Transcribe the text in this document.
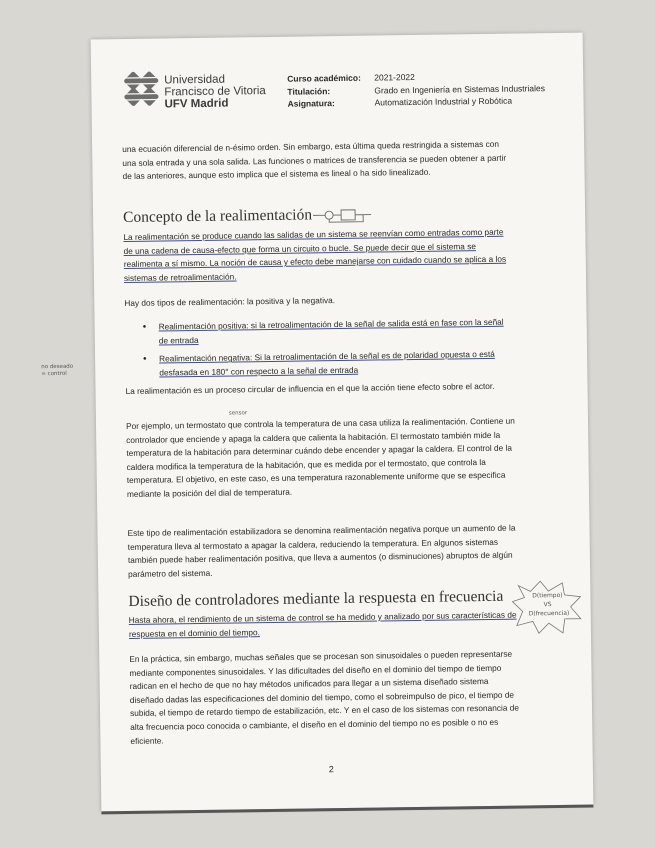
Universidad
Francisco de Vitoria
UFV Madrid
Curso académico:
Titulación:
Asignatura:
2021-2022
Grado en Ingeniería en Sistemas Industriales
Automatización Industrial y Robótica
una ecuación diferencial de n-ésimo orden. Sin embargo, esta última queda restringida a sistemas con una sola entrada y una sola salida. Las funciones o matrices de transferencia se pueden obtener a partir de las anteriores, aunque esto implica que el sistema es lineal o ha sido linealizado.
Concepto de la realimentación
La realimentación se produce cuando las salidas de un sistema se reenvían como entradas como parte de una cadena de causa-efecto que forma un circuito o bucle. Se puede decir que el sistema se realimenta a sí mismo. La noción de causa y efecto debe manejarse con cuidado cuando se aplica a los sistemas de retroalimentación.
Hay dos tipos de realimentación: la positiva y la negativa.
• Realimentación positiva: si la retroalimentación de la señal de salida está en fase con la señal de entrada
• Realimentación negativa: Si la retroalimentación de la señal es de polaridad opuesta o está desfasada en 180° con respecto a la señal de entrada
no deseado
= control
La realimentación es un proceso circular de influencia en el que la acción tiene efecto sobre el actor.
sensor
Por ejemplo, un termostato que controla la temperatura de una casa utiliza la realimentación. Contiene un controlador que enciende y apaga la caldera que calienta la habitación. El termostato también mide la temperatura de la habitación para determinar cuándo debe encender y apagar la caldera. El control de la caldera modifica la temperatura de la habitación, que es medida por el termostato, que controla la temperatura. El objetivo, en este caso, es una temperatura razonablemente uniforme que se especifica mediante la posición del dial de temperatura.
Este tipo de realimentación estabilizadora se denomina realimentación negativa porque un aumento de la temperatura lleva al termostato a apagar la caldera, reduciendo la temperatura. En algunos sistemas también puede haber realimentación positiva, que lleva a aumentos (o disminuciones) abruptos de algún parámetro del sistema.
Diseño de controladores mediante la respuesta en frecuencia	D(tiempo)
VS
D(frecuencia)
Hasta ahora, el rendimiento de un sistema de control se ha medido y analizado por sus características de respuesta en el dominio del tiempo.
En la práctica, sin embargo, muchas señales que se procesan son sinusoidales o pueden representarse mediante componentes sinusoidales. Y las dificultades del diseño en el dominio del tiempo de tiempo radican en el hecho de que no hay métodos unificados para llegar a un sistema diseñado sistema diseñado dadas las especificaciones del dominio del tiempo, como el sobreimpulso de pico, el tiempo de subida, el tiempo de retardo tiempo de estabilización, etc. Y en el caso de los sistemas con resonancia de alta frecuencia poco conocida o cambiante, el diseño en el dominio del tiempo no es posible o no es eficiente.
2
